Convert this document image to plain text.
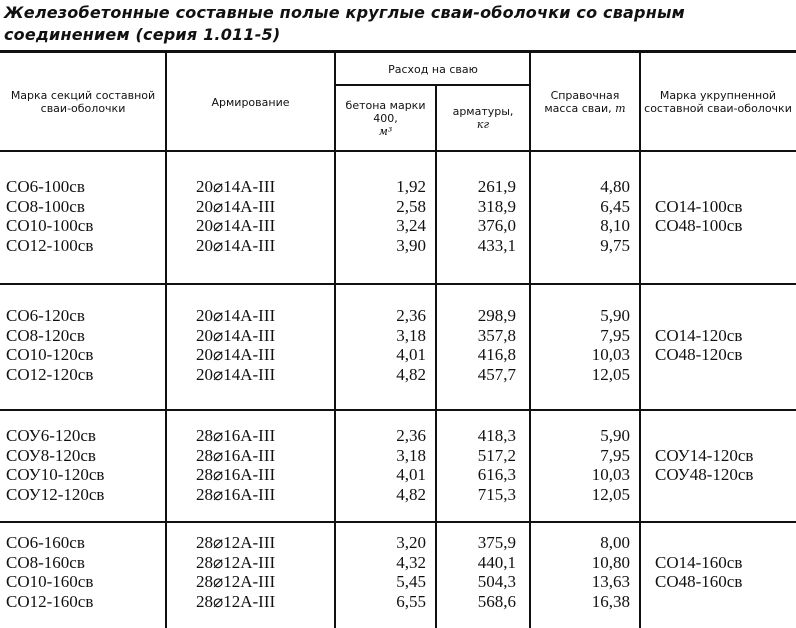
Железобетонные составные полые круглые сваи-оболочки со сварным
соединением (серия 1.011-5)
Марка секций составной сваи-оболочки	Армирование
Расход на сваю
бетона марки 400,
м³
арматуры,
кг
Справочная масса сваи, т
Марка укрупненной составной сваи-оболочки
СО6-100св
СО8-100св
СО10-100св
СО12-100св
20⌀14А-III
20⌀14А-III
20⌀14А-III
20⌀14А-III
1,92
2,58
3,24
3,90
261,9
318,9
376,0
433,1
4,80
6,45
8,10
9,75
СО14-100св
СО48-100св
СО6-120св
СО8-120св
СО10-120св
СО12-120св
20⌀14А-III
20⌀14А-III
20⌀14А-III
20⌀14А-III
2,36
3,18
4,01
4,82
298,9
357,8
416,8
457,7
5,90
7,95
10,03
12,05
СО14-120св
СО48-120св
СОУ6-120св
СОУ8-120св
СОУ10-120св
СОУ12-120св
28⌀16А-III
28⌀16А-III
28⌀16А-III
28⌀16А-III
2,36
3,18
4,01
4,82
418,3
517,2
616,3
715,3
5,90
7,95
10,03
12,05
СОУ14-120св
СОУ48-120св
СО6-160св
СО8-160св
СО10-160св
СО12-160св
28⌀12А-III
28⌀12А-III
28⌀12А-III
28⌀12А-III
3,20
4,32
5,45
6,55
375,9
440,1
504,3
568,6
8,00
10,80
13,63
16,38
СО14-160св
СО48-160св
